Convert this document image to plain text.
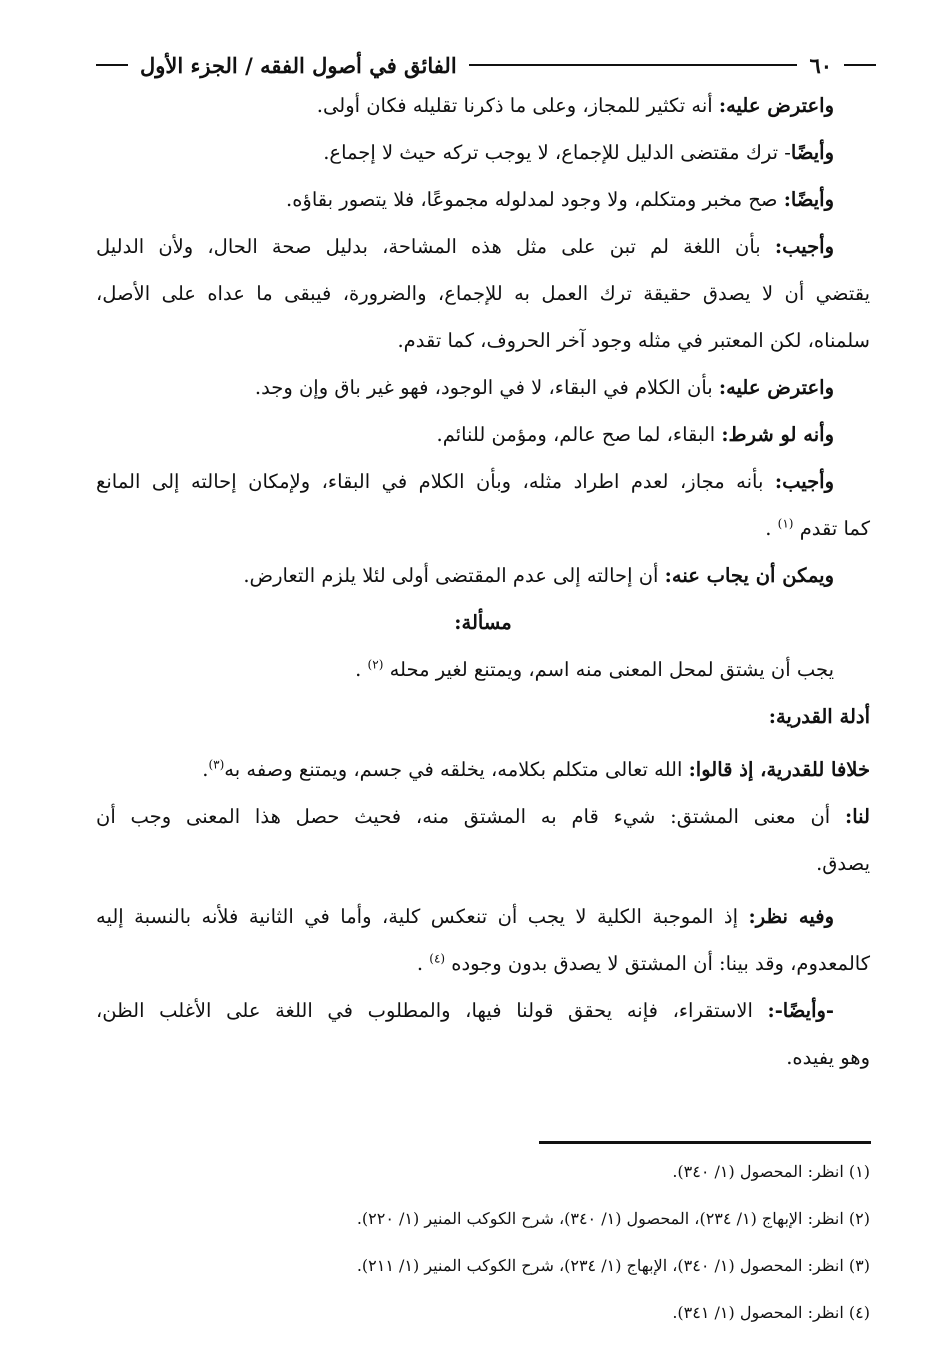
٦٠
الفائق في أصول الفقه / الجزء الأول
واعترض عليه: أنه تكثير للمجاز، وعلى ما ذكرنا تقليله فكان أولى.
وأيضًا- ترك مقتضى الدليل للإجماع، لا يوجب تركه حيث لا إجماع.
وأيضًا: صح مخبر ومتكلم، ولا وجود لمدلوله مجموعًا، فلا يتصور بقاؤه.
وأجيب: بأن اللغة لم تبن على مثل هذه المشاحة، بدليل صحة الحال، ولأن الدليل
يقتضي أن لا يصدق حقيقة ترك العمل به للإجماع، والضرورة، فيبقى ما عداه على الأصل،
سلمناه، لكن المعتبر في مثله وجود آخر الحروف، كما تقدم.
واعترض عليه: بأن الكلام في البقاء، لا في الوجود، فهو غير باق وإن وجد.
وأنه لو شرط: البقاء، لما صح عالم، ومؤمن للنائم.
وأجيب: بأنه مجاز، لعدم اطراد مثله، وبأن الكلام في البقاء، ولإمكان إحالته إلى المانع
كما تقدم $^{(١)}$ .
ويمكن أن يجاب عنه: أن إحالته إلى عدم المقتضى أولى لئلا يلزم التعارض.
مسألة:
يجب أن يشتق لمحل المعنى منه اسم، ويمتنع لغير محله $^{(٢)}$ .
أدلة القدرية:
خلافا للقدرية، إذ قالوا: الله تعالى متكلم بكلامه، يخلقه في جسم، ويمتنع وصفه به$^{(٣)}$.
لنا: أن معنى المشتق: شيء قام به المشتق منه، فحيث حصل هذا المعنى وجب أن
يصدق.
وفيه نظر: إذ الموجبة الكلية لا يجب أن تنعكس كلية، وأما في الثانية فلأنه بالنسبة إليه
كالمعدوم، وقد بينا: أن المشتق لا يصدق بدون وجوده $^{(٤)}$ .
-وأيضًا-: الاستقراء، فإنه يحقق قولنا فيها، والمطلوب في اللغة على الأغلب الظن،
وهو يفيده.
(١) انظر: المحصول (١/ ٣٤٠).
(٢) انظر: الإبهاج (١/ ٢٣٤)، المحصول (١/ ٣٤٠)، شرح الكوكب المنير (١/ ٢٢٠).
(٣) انظر: المحصول (١/ ٣٤٠)، الإبهاج (١/ ٢٣٤)، شرح الكوكب المنير (١/ ٢١١).
(٤) انظر: المحصول (١/ ٣٤١).
